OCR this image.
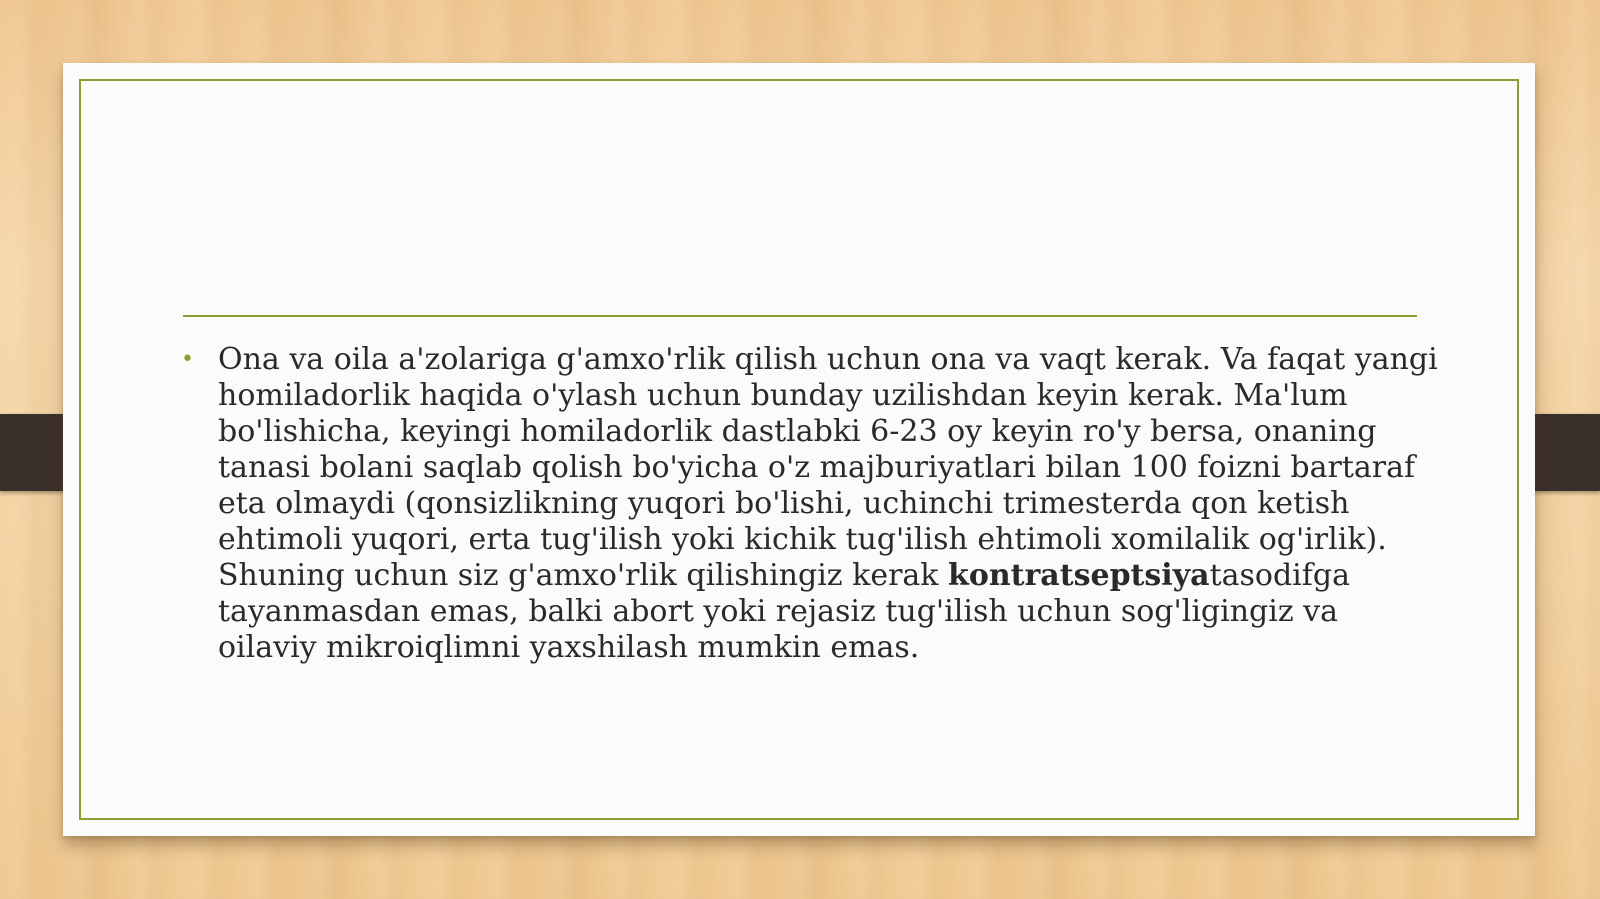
• Ona va oila a'zolariga g'amxo'rlik qilish uchun ona va vaqt kerak. Va faqat yangi homiladorlik haqida o'ylash uchun bunday uzilishdan keyin kerak. Ma'lum bo'lishicha, keyingi homiladorlik dastlabki 6-23 oy keyin ro'y bersa, onaning tanasi bolani saqlab qolish bo'yicha o'z majburiyatlari bilan 100 foizni bartaraf eta olmaydi (qonsizlikning yuqori bo'lishi, uchinchi trimesterda qon ketish ehtimoli yuqori, erta tug'ilish yoki kichik tug'ilish ehtimoli xomilalik og'irlik). Shuning uchun siz g'amxo'rlik qilishingiz kerak kontratseptsiyatasodifga tayanmasdan emas, balki abort yoki rejasiz tug'ilish uchun sog'ligingiz va oilaviy mikroiqlimni yaxshilash mumkin emas.
